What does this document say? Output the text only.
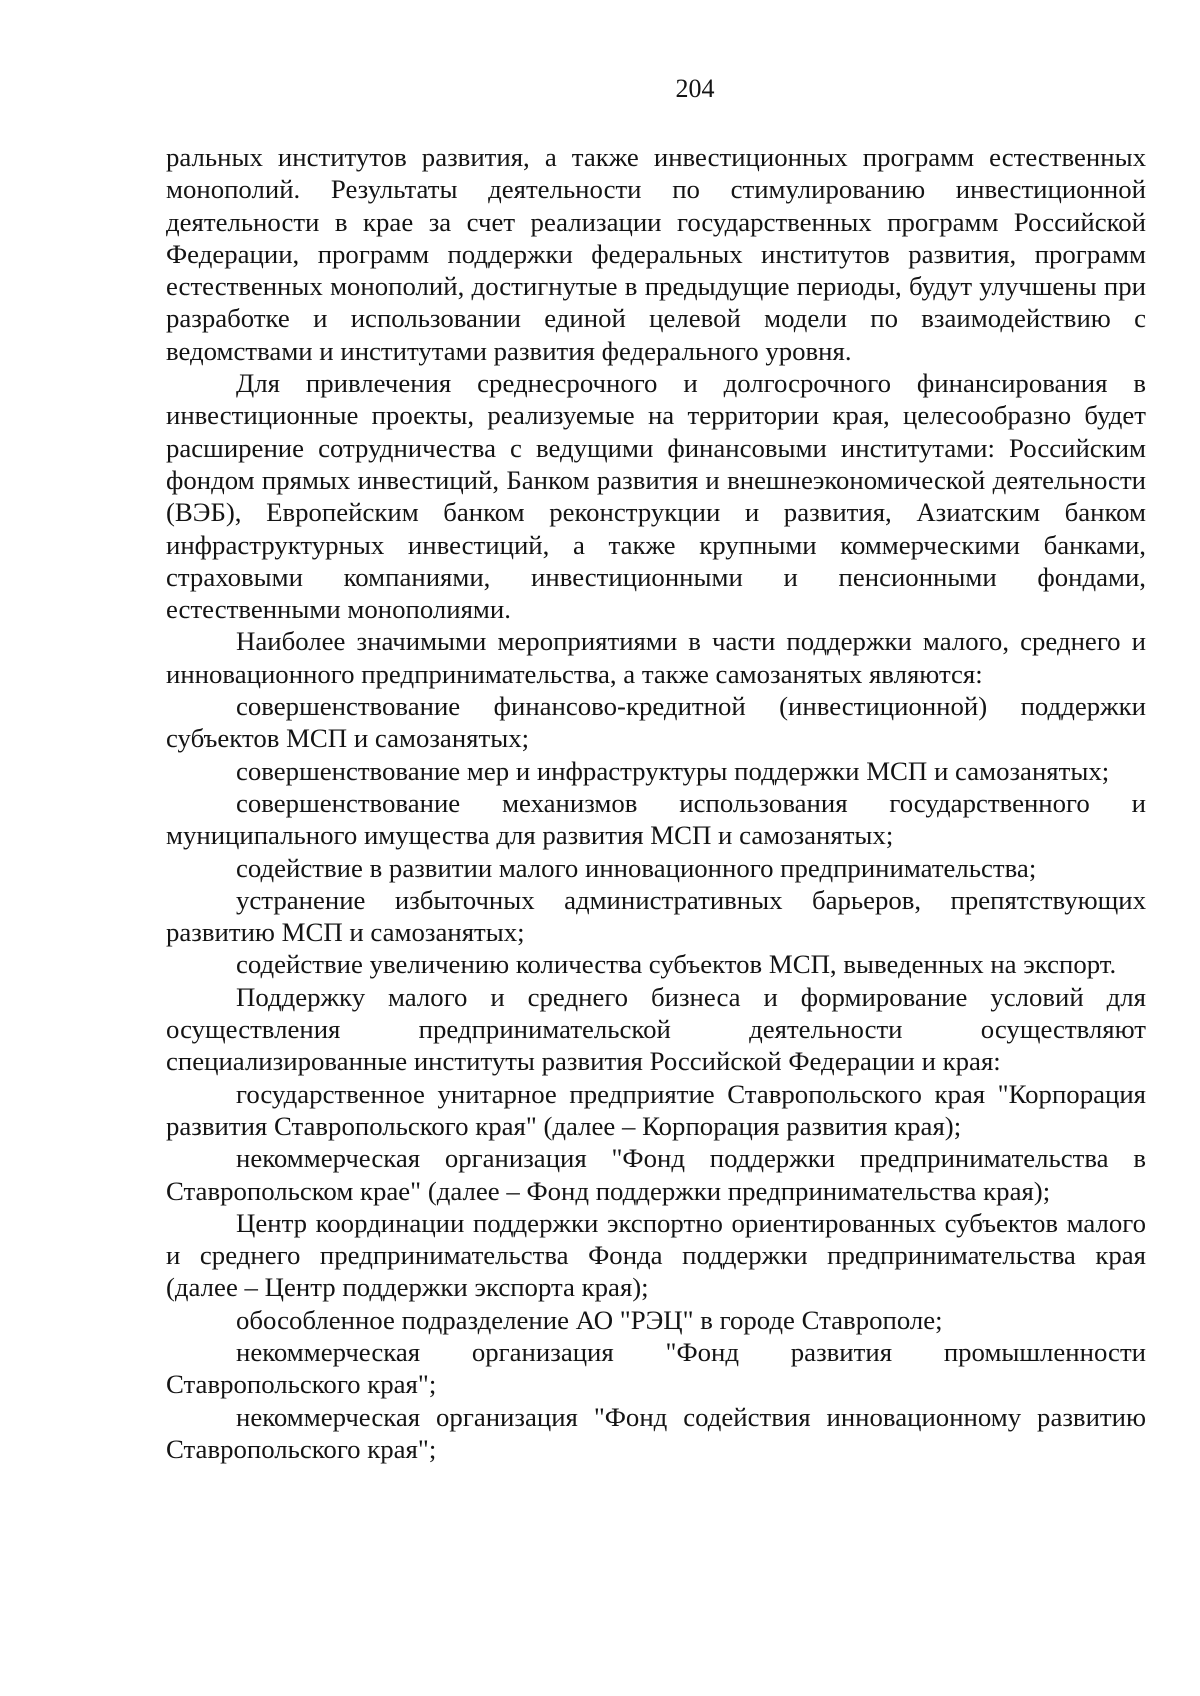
204

ральных институтов развития, а также инвестиционных программ естественных монополий. Результаты деятельности по стимулированию инвестиционной деятельности в крае за счет реализации государственных программ Российской Федерации, программ поддержки федеральных институтов развития, программ естественных монополий, достигнутые в предыдущие периоды, будут улучшены при разработке и использовании единой целевой модели по взаимодействию с ведомствами и институтами развития федерального уровня.

Для привлечения среднесрочного и долгосрочного финансирования в инвестиционные проекты, реализуемые на территории края, целесообразно будет расширение сотрудничества с ведущими финансовыми институтами: Российским фондом прямых инвестиций, Банком развития и внешнеэкономической деятельности (ВЭБ), Европейским банком реконструкции и развития, Азиатским банком инфраструктурных инвестиций, а также крупными коммерческими банками, страховыми компаниями, инвестиционными и пенсионными фондами, естественными монополиями.

Наиболее значимыми мероприятиями в части поддержки малого, среднего и инновационного предпринимательства, а также самозанятых являются:

совершенствование финансово-кредитной (инвестиционной) поддержки субъектов МСП и самозанятых;

совершенствование мер и инфраструктуры поддержки МСП и самозанятых;

совершенствование механизмов использования государственного и муниципального имущества для развития МСП и самозанятых;

содействие в развитии малого инновационного предпринимательства;

устранение избыточных административных барьеров, препятствующих развитию МСП и самозанятых;

содействие увеличению количества субъектов МСП, выведенных на экспорт.

Поддержку малого и среднего бизнеса и формирование условий для осуществления предпринимательской деятельности осуществляют специализированные институты развития Российской Федерации и края:

государственное унитарное предприятие Ставропольского края "Корпорация развития Ставропольского края" (далее – Корпорация развития края);

некоммерческая организация "Фонд поддержки предпринимательства в Ставропольском крае" (далее – Фонд поддержки предпринимательства края);

Центр координации поддержки экспортно ориентированных субъектов малого и среднего предпринимательства Фонда поддержки предпринимательства края (далее – Центр поддержки экспорта края);

обособленное подразделение АО "РЭЦ" в городе Ставрополе;

некоммерческая организация "Фонд развития промышленности Ставропольского края";

некоммерческая организация "Фонд содействия инновационному развитию Ставропольского края";
